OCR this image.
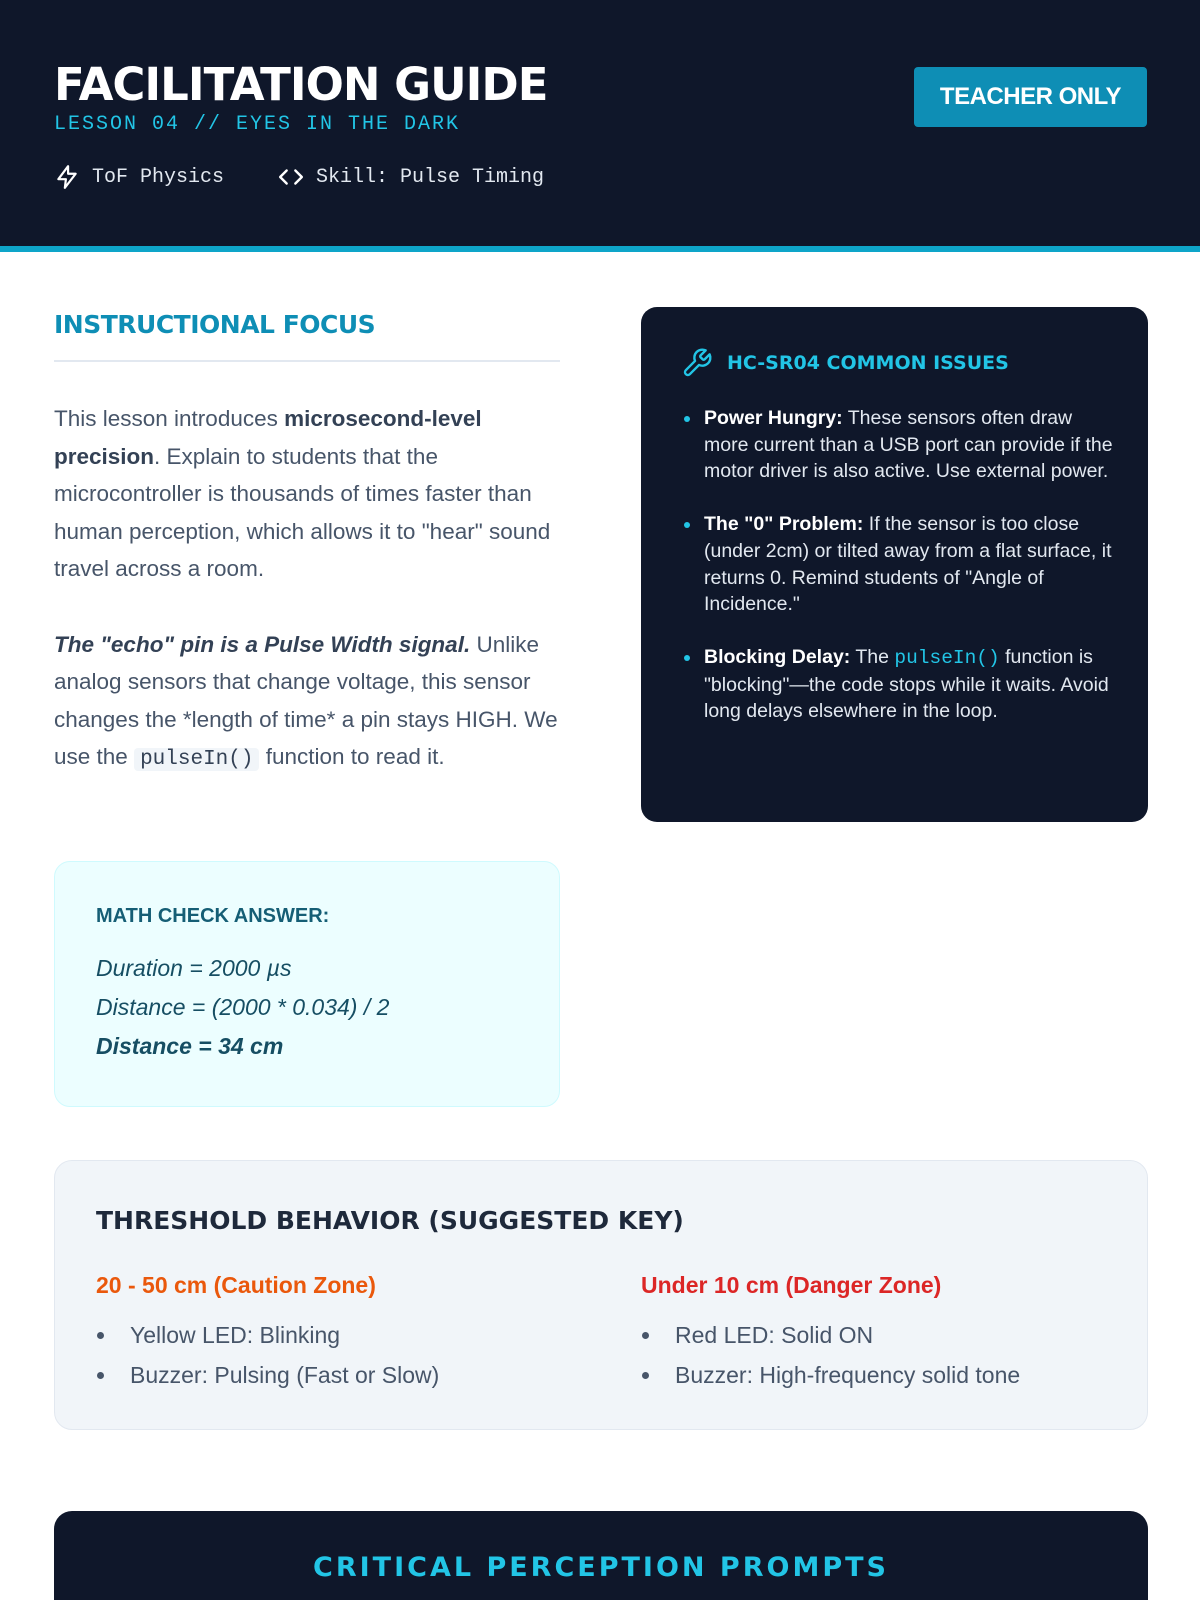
FACILITATION GUIDE
LESSON 04 // EYES IN THE DARK
ToF Physics	Skill: Pulse Timing
TEACHER ONLY
INSTRUCTIONAL FOCUS

This lesson introduces microsecond-level precision. Explain to students that the microcontroller is thousands of times faster than human perception, which allows it to "hear" sound travel across a room.

The "echo" pin is a Pulse Width signal. Unlike analog sensors that change voltage, this sensor changes the *length of time* a pin stays HIGH. We use the pulseIn() function to read it.

MATH CHECK ANSWER:
Duration = 2000 µs
Distance = (2000 * 0.034) / 2
Distance = 34 cm
HC-SR04 COMMON ISSUES
Power Hungry: These sensors often draw more current than a USB port can provide if the motor driver is also active. Use external power.
The "0" Problem: If the sensor is too close (under 2cm) or tilted away from a flat surface, it returns 0. Remind students of "Angle of Incidence."
Blocking Delay: The pulseIn() function is "blocking"—the code stops while it waits. Avoid long delays elsewhere in the loop.
THRESHOLD BEHAVIOR (SUGGESTED KEY)
20 - 50 cm (Caution Zone)
Yellow LED: Blinking
Buzzer: Pulsing (Fast or Slow)
Under 10 cm (Danger Zone)
Red LED: Solid ON
Buzzer: High-frequency solid tone
CRITICAL PERCEPTION PROMPTS
